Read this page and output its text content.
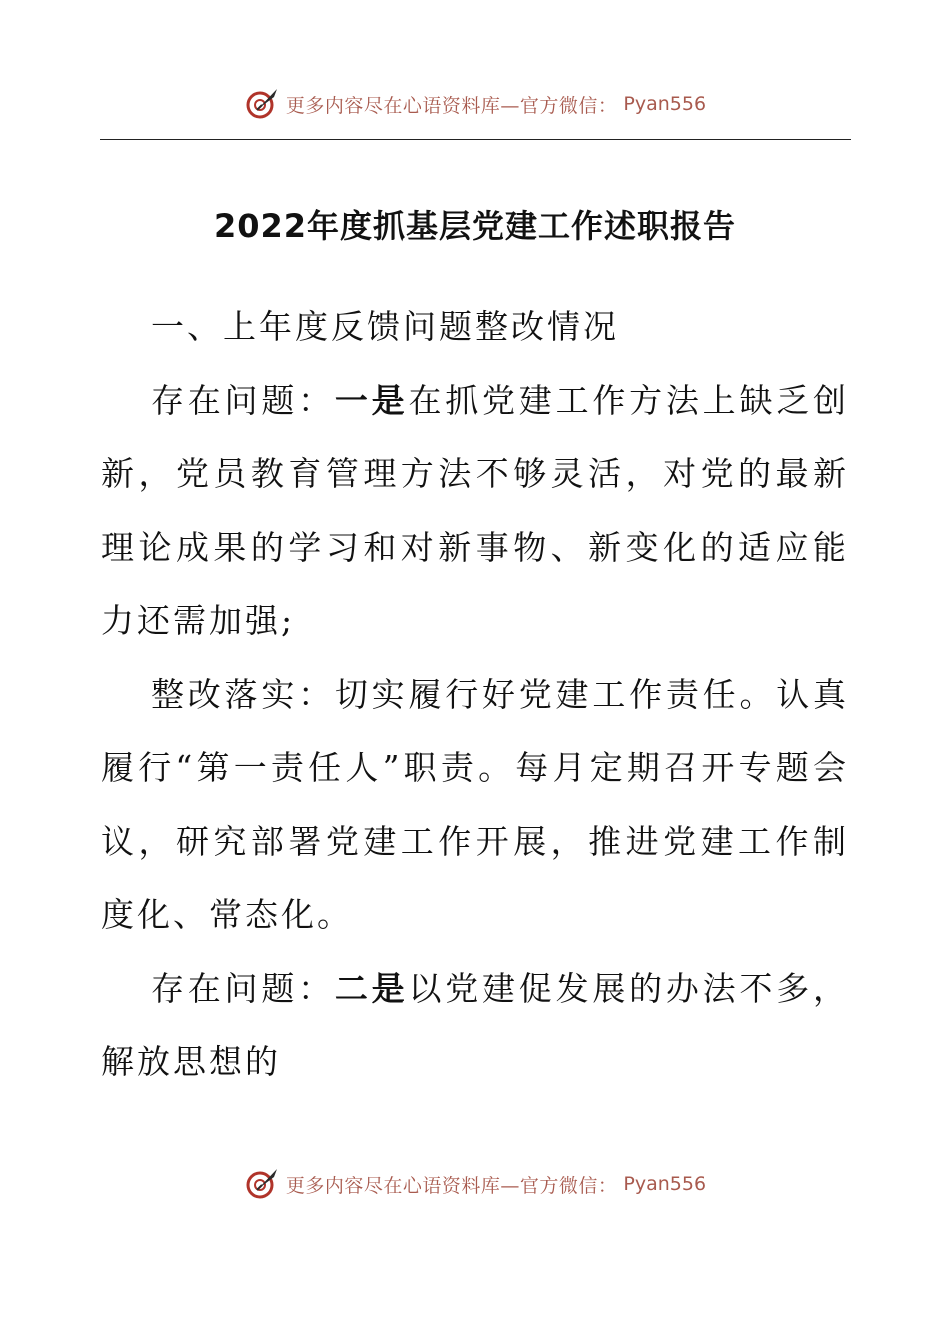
更多内容尽在心语资料库—官方微信： Pyan556
2022年度抓基层党建工作述职报告

一、上年度反馈问题整改情况

存在问题：一是在抓党建工作方法上缺乏创新，党员教育管理方法不够灵活，对党的最新理论成果的学习和对新事物、新变化的适应能力还需加强;

整改落实：切实履行好党建工作责任。认真履行“第一责任人”职责。每月定期召开专题会议，研究部署党建工作开展，推进党建工作制度化、常态化。

存在问题：二是以党建促发展的办法不多，解放思想的

更多内容尽在心语资料库—官方微信： Pyan556
